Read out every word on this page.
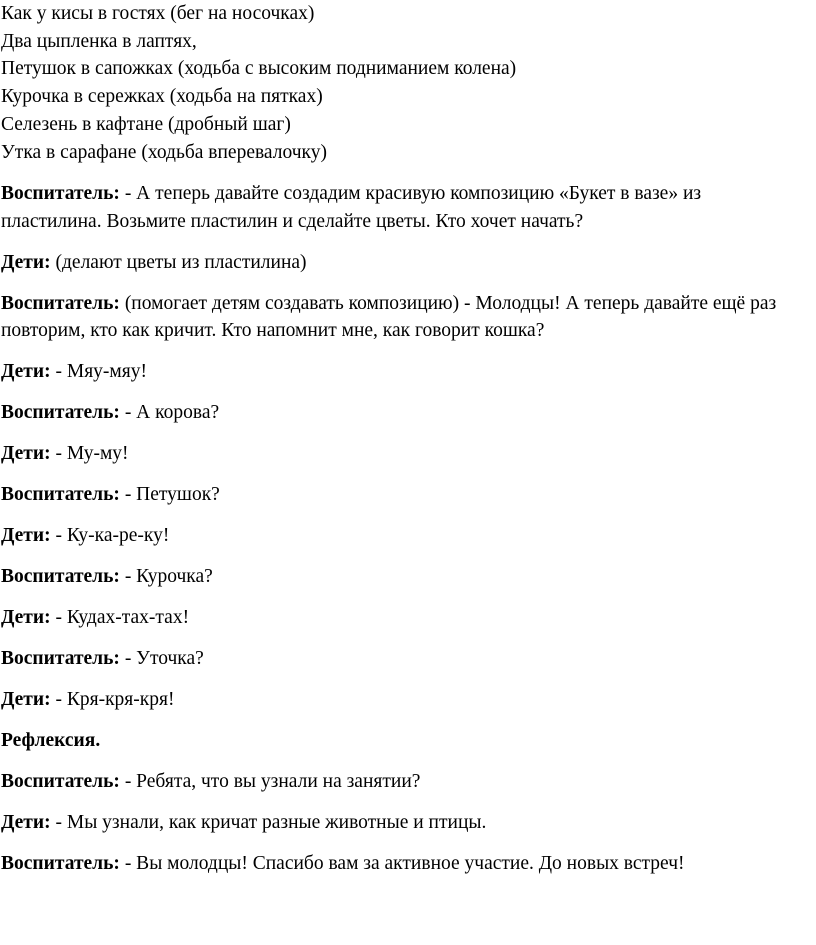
Как у кисы в гостях (бег на носочках)
Два цыпленка в лаптях,
Петушок в сапожках (ходьба с высоким подниманием колена)
Курочка в сережках (ходьба на пятках)
Селезень в кафтане (дробный шаг)
Утка в сарафане (ходьба вперевалочку)
Воспитатель: - А теперь давайте создадим красивую композицию «Букет в вазе» из пластилина. Возьмите пластилин и сделайте цветы. Кто хочет начать?
Дети: (делают цветы из пластилина)
Воспитатель: (помогает детям создавать композицию) - Молодцы! А теперь давайте ещё раз повторим, кто как кричит. Кто напомнит мне, как говорит кошка?
Дети: - Мяу-мяу!
Воспитатель: - А корова?
Дети: - Му-му!
Воспитатель: - Петушок?
Дети: - Ку-ка-ре-ку!
Воспитатель: - Курочка?
Дети: - Кудах-тах-тах!
Воспитатель: - Уточка?
Дети: - Кря-кря-кря!
Рефлексия.
Воспитатель: - Ребята, что вы узнали на занятии?
Дети: - Мы узнали, как кричат разные животные и птицы.
Воспитатель: - Вы молодцы! Спасибо вам за активное участие. До новых встреч!
